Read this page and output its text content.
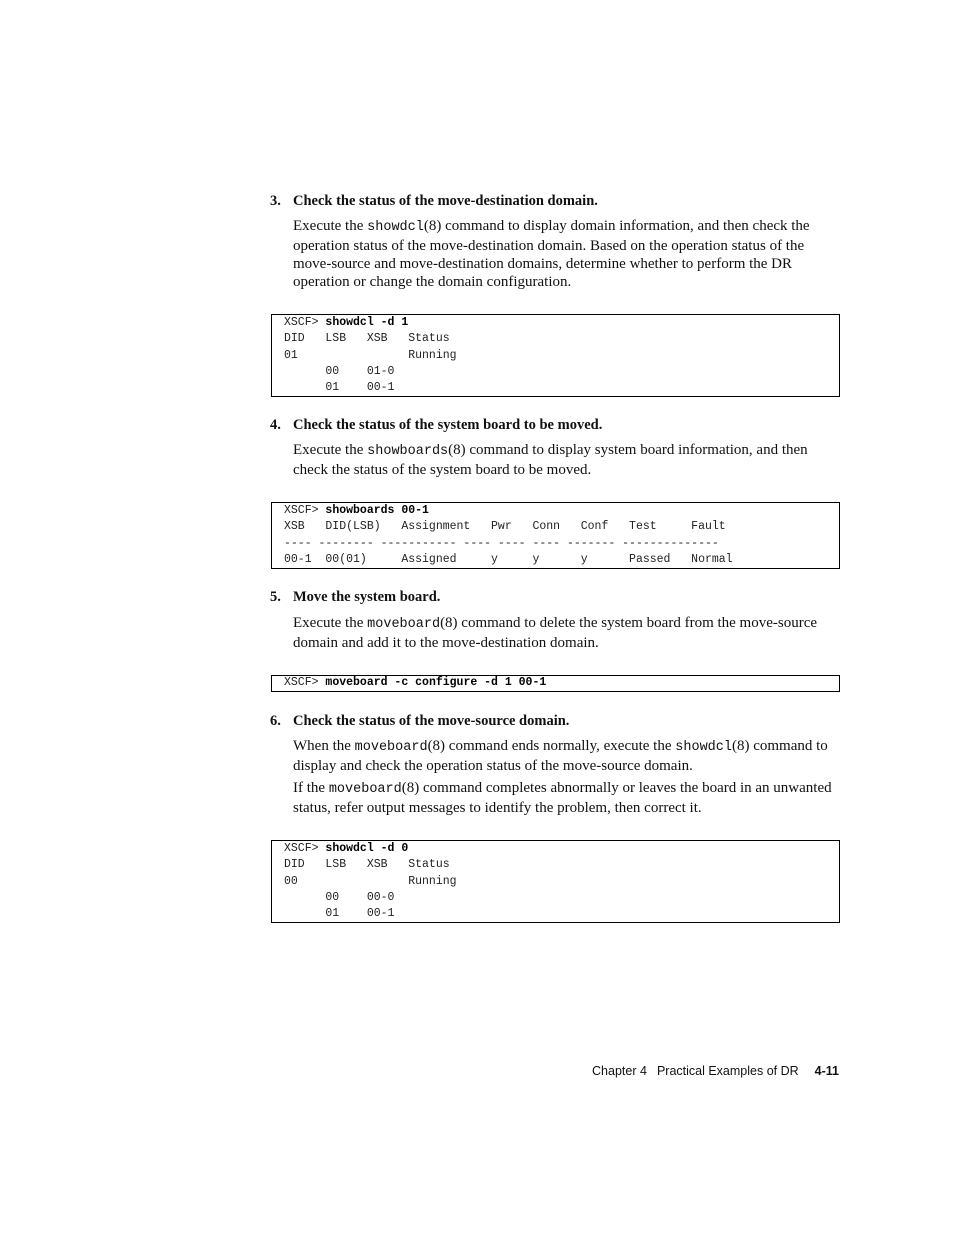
3. Check the status of the move-destination domain.

Execute the showdcl(8) command to display domain information, and then check the operation status of the move-destination domain. Based on the operation status of the move-source and move-destination domains, determine whether to perform the DR operation or change the domain configuration.

XSCF> showdcl -d 1
DID   LSB   XSB   Status
01                Running
00    01-0
01    00-1
4. Check the status of the system board to be moved.

Execute the showboards(8) command to display system board information, and then check the status of the system board to be moved.

XSCF> showboards 00-1
XSB   DID(LSB)   Assignment   Pwr   Conn   Conf   Test     Fault
---- -------- ----------- ---- ---- ---- ------- --------------
00-1  00(01)     Assigned     y     y      y      Passed   Normal
5. Move the system board.

Execute the moveboard(8) command to delete the system board from the move-source domain and add it to the move-destination domain.

XSCF> moveboard -c configure -d 1 00-1
6. Check the status of the move-source domain.

When the moveboard(8) command ends normally, execute the showdcl(8) command to display and check the operation status of the move-source domain.

If the moveboard(8) command completes abnormally or leaves the board in an unwanted status, refer output messages to identify the problem, then correct it.

XSCF> showdcl -d 0
DID   LSB   XSB   Status
00                Running
00    00-0
01    00-1
Chapter 4 Practical Examples of DR 4-11
